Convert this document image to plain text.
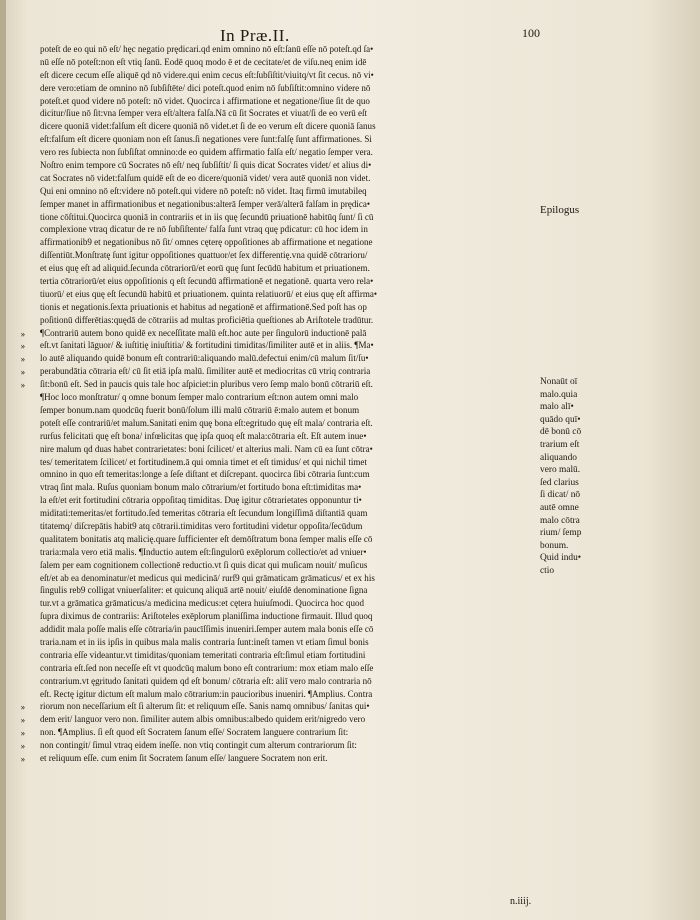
In Præ.II.	100
poteſt de eo qui nō eſt/ hęc negatio prędicari.qd enim omnino nō eſt:ſanū eſſe nō poteſt.qd ſa•
nū eſſe nō poteſt:non eſt vtiq ſanū. Eodē quoq modo ē et de cecitate/et de viſu.neq enim idē
eſt dicere cecum eſſe aliquē qd nō videre.qui enim cecus eſt:ſubſiſtit/viuitq/vt ſit cecus. nō vi•
dere vero:etiam de omnino nō ſubſiſtēte/ dici poteſt.quod enim nō ſubſiſtit:omnino videre nō
poteſt.et quod videre nō poteſt: nō videt. Quocirca i affirmatione et negatione/ſiue ſit de quo
dicitur/ſiue nō ſit:vna ſemper vera eſt/altera falſa.Nā cū ſit Socrates et viuat/ſi de eo verū eſt
dicere quoniā videt:falſum eſt dicere quoniā nō videt.et ſi de eo verum eſt dicere quoniā ſanus
eſt:falſum eſt dicere quoniam non eſt ſanus.ſi negationes vere ſunt:falſę ſunt affirmationes. Si
vero res ſubiecta non ſubſiſtat omnino:de eo quidem affirmatio falſa eſt/ negatio ſemper vera.
Noſtro enim tempore cū Socrates nō eſt/ neq ſubſiſtit/ ſi quis dicat Socrates videt/ et alius di•
cat Socrates nō videt:falſum quidē eſt de eo dicere/quoniā videt/ vera autē quoniā non videt.
Qui eni omnino nō eſt:videre nō poteſt.qui videre nō poteſt: nō videt. Itaq firmū imutabileq
ſemper manet in affirmationibus et negationibus:alterā ſemper verā/alterā falſam in prędica•
tione cōſtitui.Quocirca quoniā in contrariis et in iis quę ſecundū priuationē habitūq ſunt/ ſi cū
complexione vtraq dicatur de re nō ſubſiſtente/ falſa ſunt vtraq quę pdicatur: cū hoc idem in
affirmationib9 et negationibus nō ſit/ omnes cęterę oppoſitiones ab affirmatione et negatione
diſſentiūt.Monſtratę ſunt igitur oppoſitiones quattuor/et ſex differentię.vna quidē cōtrarioru/
et eius quę eſt ad aliquid.ſecunda cōtrariorū/et eorū quę ſunt ſecūdū habitum et priuationem.
tertia cōtrariorū/et eius oppoſitionis q eſt ſecundū affirmationē et negationē. quarta vero rela•
tiuorū/ et eius quę eſt ſecundū habitū et priuationem. quinta relatiuorū/ et eius quę eſt affirma•
tionis et negationis.ſexta priuationis et habitus ad negationē et affirmationē.Sed poſt has op
poſitionū differētias:quędā de cōtrariis ad multas proficiētia queſtiones ab Ariſtotele tradūtur.
¶Contrariū autem bono quidē ex neceſſitate malū eſt.hoc aute per ſingulorū inductionē palā
»
eſt.vt ſanitati lāguor/ & iuſtitię iniuſtitia/ & fortitudini timiditas/ſimiliter autē et in aliis. ¶Ma•
»
lo autē aliquando quidē bonum eſt contrariū:aliquando malū.defectui enim/cū malum ſit/ſu•
»
perabundātia cōtraria eſt/ cū ſit etiā ipſa malū. ſimiliter autē et mediocritas cū vtriq contraria
»
ſit:bonū eſt. Sed in paucis quis tale hoc aſpiciet:in pluribus vero ſemp malo bonū cōtrariū eſt.
»
¶Hoc loco monſtratur/ q omne bonum ſemper malo contrarium eſt:non autem omni malo
ſemper bonum.nam quodcūq fuerit bonū/ſolum illi malū cōtrariū ē:malo autem et bonum
poteſt eſſe contrariū/et malum.Sanitati enim quę bona eſt:egritudo quę eſt mala/ contraria eſt.
rurſus felicitati quę eſt bona/ infœlicitas quę ipſa quoq eſt mala:cōtraria eſt. Eſt autem inue•
nire malum qd duas habet contrarietates: boni ſcilicet/ et alterius mali. Nam cū ea ſunt cōtra•
tes/ temeritatem ſcilicet/ et fortitudinem.ā qui omnia timet et eſt timidus/ et qui nichil timet
omnino in quo eſt temeritas:longe a ſeſe diſtant et diſcrepant. quocirca ſibi cōtraria ſunt:cum
vtraq ſint mala. Ruſus quoniam bonum malo cōtrarium/et fortitudo bona eſt:timiditas ma•
la eſt/et erit fortitudini cōtraria oppoſitaq timiditas. Duę igitur cōtrarietates opponuntur ti•
miditati:temeritas/et fortitudo.ſed temeritas cōtraria eſt ſecundum longiſſimā diſtantiā quam
titatemq/ diſcrepātis habit9 atq cōtrarii.timiditas vero fortitudini videtur oppoſita/ſecūdum
qualitatem bonitatis atq malicię.quare ſufficienter eſt demōſtratum bona ſemper malis eſſe cō
traria:mala vero etiā malis. ¶Inductio autem eſt:ſingulorū exēplorum collectio/et ad vniuer•
ſalem per eam cognitionem collectionē reductio.vt ſi quis dicat qui muſicam nouit/ muſicus
eſt/et ab ea denominatur/et medicus qui medicinā/ rurſ9 qui grāmaticam grāmaticus/ et ex his
ſingulis reb9 colligat vniuerſaliter: et quicunq aliquā artē nouit/ eiuſdē denominatione ſigna
tur.vt a grāmatica grāmaticus/a medicina medicus:et cętera huiuſmodi. Quocirca hoc quod
ſupra diximus de contrariis: Ariſtoteles exēplorum planiſſima inductione firmauit. Illud quoq
addidit mala poſſe malis eſſe cōtraria/in paucīſſimis inueniri.ſemper autem mala bonis eſſe cō
traria.nam et in iis ipſis in quibus mala malis contraria ſunt:ineſt tamen vt etiam ſimul bonis
contraria eſſe videantur.vt timiditas/quoniam temeritati contraria eſt:ſimul etiam fortitudini
contraria eſt.ſed non neceſſe eſt vt quodcūq malum bono eſt contrarium: mox etiam malo eſſe
contrarium.vt ęgritudo ſanitati quidem qd eſt bonum/ cōtraria eſt: aliī vero malo contraria nō
eſt. Rectę igitur dictum eſt malum malo cōtrarium:in paucioribus inueniri. ¶Amplius. Contra
riorum non neceſſarium eſt ſi alterum ſit: et reliquum eſſe. Sanis namq omnibus/ ſanitas qui•
»
dem erit/ languor vero non. ſimiliter autem albis omnibus:albedo quidem erit/nigredo vero
»
non. ¶Amplius. ſi eſt quod eſt Socratem ſanum eſſe/ Socratem languere contrarium ſit:
»
non contingit/ ſimul vtraq eidem ineſſe. non vtiq contingit cum alterum contrariorum ſit:
»
et reliquum eſſe. cum enim ſit Socratem ſanum eſſe/ languere Socratem non erit.
»
Epilogus
Nonaūt oī
malo.quia
malo alī•
quādo quī•
dē bonū cō
trarium eſt
aliquando
vero malū.
ſed clarius
ſi dicat/ nō
autē omne
malo cōtra
rium/ ſemp
bonum.
Quid indu•
ctio
n.iiij.
